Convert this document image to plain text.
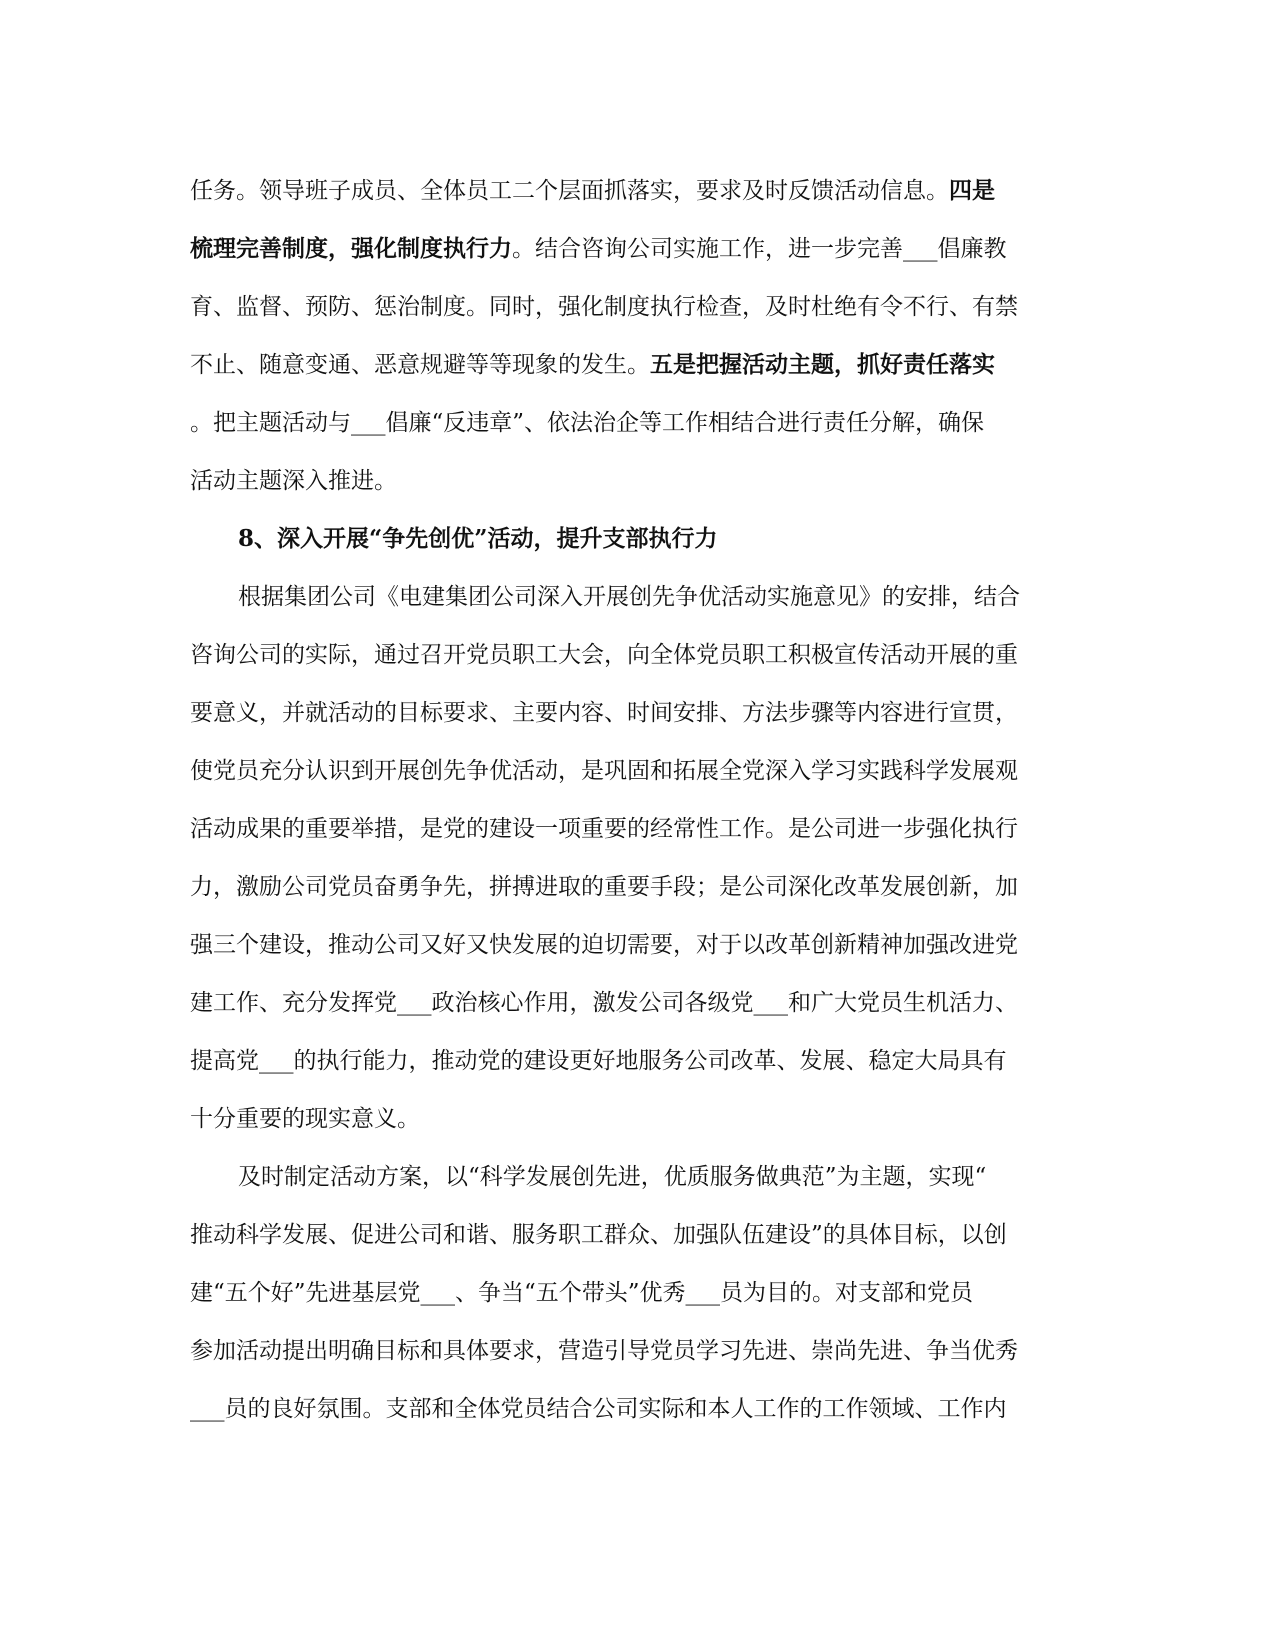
任务。领导班子成员、全体员工二个层面抓落实，要求及时反馈活动信息。四是
梳理完善制度，强化制度执行力。结合咨询公司实施工作，进一步完善___倡廉教
育、监督、预防、惩治制度。同时，强化制度执行检查，及时杜绝有令不行、有禁
不止、随意变通、恶意规避等等现象的发生。五是把握活动主题，抓好责任落实
。把主题活动与___倡廉“反违章”、依法治企等工作相结合进行责任分解，确保
活动主题深入推进。
8、深入开展“争先创优”活动，提升支部执行力
根据集团公司《电建集团公司深入开展创先争优活动实施意见》的安排，结合
咨询公司的实际，通过召开党员职工大会，向全体党员职工积极宣传活动开展的重
要意义，并就活动的目标要求、主要内容、时间安排、方法步骤等内容进行宣贯，
使党员充分认识到开展创先争优活动，是巩固和拓展全党深入学习实践科学发展观
活动成果的重要举措，是党的建设一项重要的经常性工作。是公司进一步强化执行
力，激励公司党员奋勇争先，拼搏进取的重要手段；是公司深化改革发展创新，加
强三个建设，推动公司又好又快发展的迫切需要，对于以改革创新精神加强改进党
建工作、充分发挥党___政治核心作用，激发公司各级党___和广大党员生机活力、
提高党___的执行能力，推动党的建设更好地服务公司改革、发展、稳定大局具有
十分重要的现实意义。
及时制定活动方案，以“科学发展创先进，优质服务做典范”为主题，实现“
推动科学发展、促进公司和谐、服务职工群众、加强队伍建设”的具体目标，以创
建“五个好”先进基层党___、争当“五个带头”优秀___员为目的。对支部和党员
参加活动提出明确目标和具体要求，营造引导党员学习先进、崇尚先进、争当优秀
___员的良好氛围。支部和全体党员结合公司实际和本人工作的工作领域、工作内
